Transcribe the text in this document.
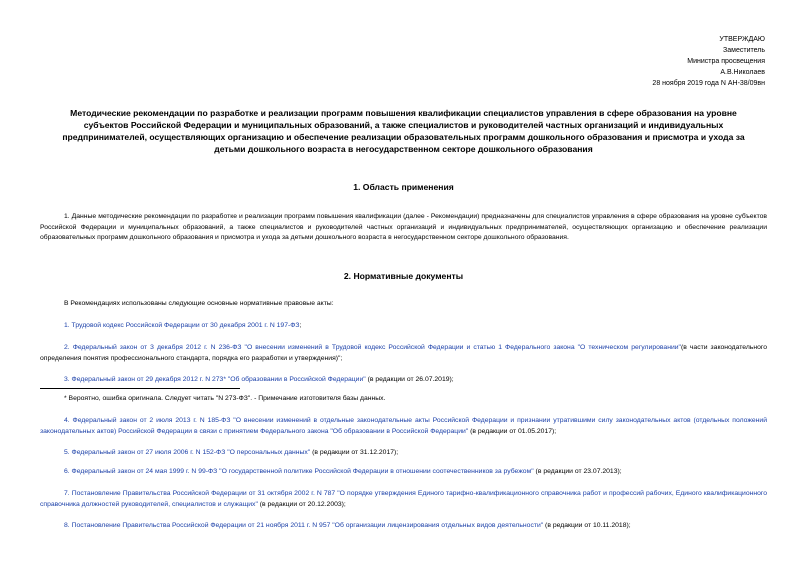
УТВЕРЖДАЮ
Заместитель
Министра просвещения
А.В.Николаев
28 ноября 2019 года N АН-38/09вн
Методические рекомендации по разработке и реализации программ повышения квалификации специалистов управления в сфере образования на уровне субъектов Российской Федерации и муниципальных образований, а также специалистов и руководителей частных организаций и индивидуальных предпринимателей, осуществляющих организацию и обеспечение реализации образовательных программ дошкольного образования и присмотра и ухода за детьми дошкольного возраста в негосударственном секторе дошкольного образования
1. Область применения
1. Данные методические рекомендации по разработке и реализации программ повышения квалификации (далее - Рекомендации) предназначены для специалистов управления в сфере образования на уровне субъектов Российской Федерации и муниципальных образований, а также специалистов и руководителей частных организаций и индивидуальных предпринимателей, осуществляющих организацию и обеспечение реализации образовательных программ дошкольного образования и присмотра и ухода за детьми дошкольного возраста в негосударственном секторе дошкольного образования.
2. Нормативные документы
В Рекомендациях использованы следующие основные нормативные правовые акты:
1. Трудовой кодекс Российской Федерации от 30 декабря 2001 г. N 197-ФЗ;
2. Федеральный закон от 3 декабря 2012 г. N 236-ФЗ "О внесении изменений в Трудовой кодекс Российской Федерации и статью 1 Федерального закона "О техническом регулировании"(в части законодательного определения понятия профессионального стандарта, порядка его разработки и утверждения)";
3. Федеральный закон от 29 декабря 2012 г. N 273* "Об образовании в Российской Федерации" (в редакции от 26.07.2019);
* Вероятно, ошибка оригинала. Следует читать "N 273-ФЗ". - Примечание изготовителя базы данных.
4. Федеральный закон от 2 июля 2013 г. N 185-ФЗ "О внесении изменений в отдельные законодательные акты Российской Федерации и признании утратившими силу законодательных актов (отдельных положений законодательных актов) Российской Федерации в связи с принятием Федерального закона "Об образовании в Российской Федерации" (в редакции от 01.05.2017);
5. Федеральный закон от 27 июля 2006 г. N 152-ФЗ "О персональных данных" (в редакции от 31.12.2017);
6. Федеральный закон от 24 мая 1999 г. N 99-ФЗ "О государственной политике Российской Федерации в отношении соотечественников за рубежом" (в редакции от 23.07.2013);
7. Постановление Правительства Российской Федерации от 31 октября 2002 г. N 787 "О порядке утверждения Единого тарифно-квалификационного справочника работ и профессий рабочих, Единого квалификационного справочника должностей руководителей, специалистов и служащих" (в редакции от 20.12.2003);
8. Постановление Правительства Российской Федерации от 21 ноября 2011 г. N 957 "Об организации лицензирования отдельных видов деятельности" (в редакции от 10.11.2018);
